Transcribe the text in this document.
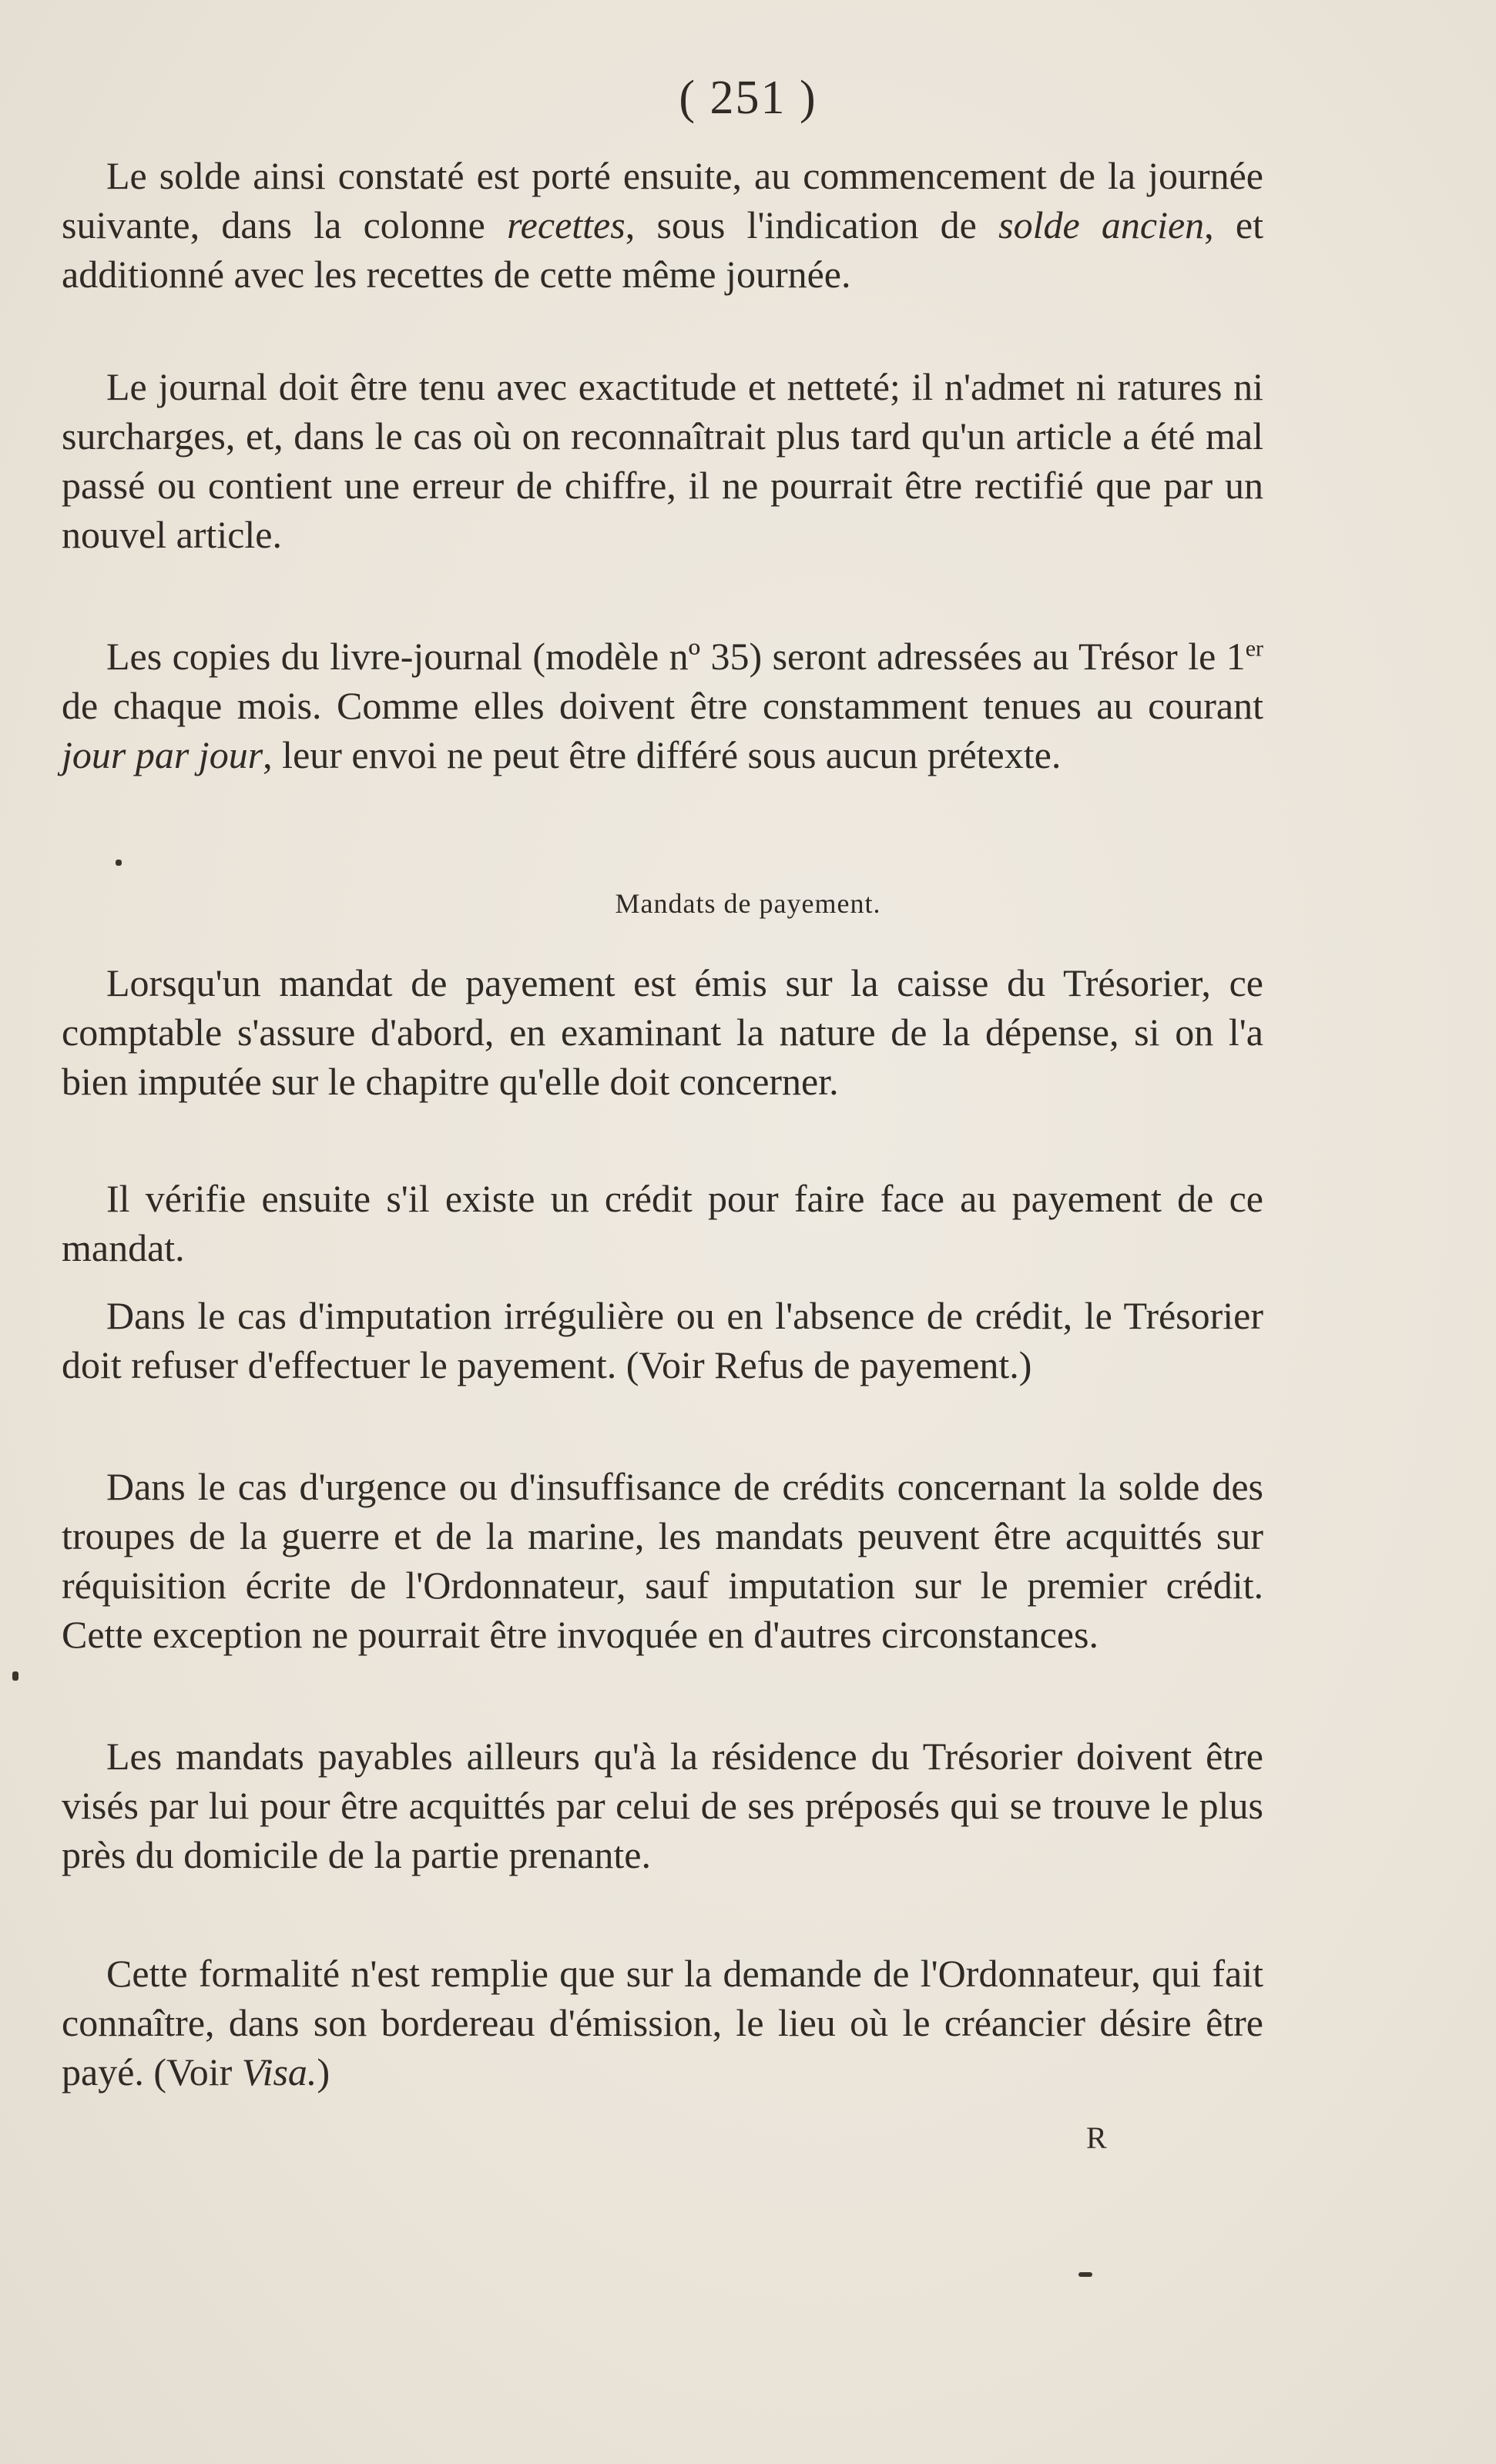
( 251 )

Le solde ainsi constaté est porté ensuite, au commencement de la journée suivante, dans la colonne recettes, sous l'indication de solde ancien, et additionné avec les recettes de cette même journée.

Le journal doit être tenu avec exactitude et netteté; il n'admet ni ratures ni surcharges, et, dans le cas où on reconnaîtrait plus tard qu'un article a été mal passé ou contient une erreur de chiffre, il ne pourrait être rectifié que par un nouvel article.

Les copies du livre-journal (modèle nº 35) seront adressées au Trésor le 1er de chaque mois. Comme elles doivent être constamment tenues au courant jour par jour, leur envoi ne peut être différé sous aucun prétexte.

Mandats de payement.

Lorsqu'un mandat de payement est émis sur la caisse du Trésorier, ce comptable s'assure d'abord, en examinant la nature de la dépense, si on l'a bien imputée sur le chapitre qu'elle doit concerner.

Il vérifie ensuite s'il existe un crédit pour faire face au payement de ce mandat.

Dans le cas d'imputation irrégulière ou en l'absence de crédit, le Trésorier doit refuser d'effectuer le payement. (Voir Refus de payement.)

Dans le cas d'urgence ou d'insuffisance de crédits concernant la solde des troupes de la guerre et de la marine, les mandats peuvent être acquittés sur réquisition écrite de l'Ordonnateur, sauf imputation sur le premier crédit. Cette exception ne pourrait être invoquée en d'autres circonstances.

Les mandats payables ailleurs qu'à la résidence du Trésorier doivent être visés par lui pour être acquittés par celui de ses préposés qui se trouve le plus près du domicile de la partie prenante.

Cette formalité n'est remplie que sur la demande de l'Ordonnateur, qui fait connaître, dans son bordereau d'émission, le lieu où le créancier désire être payé. (Voir Visa.)

R
